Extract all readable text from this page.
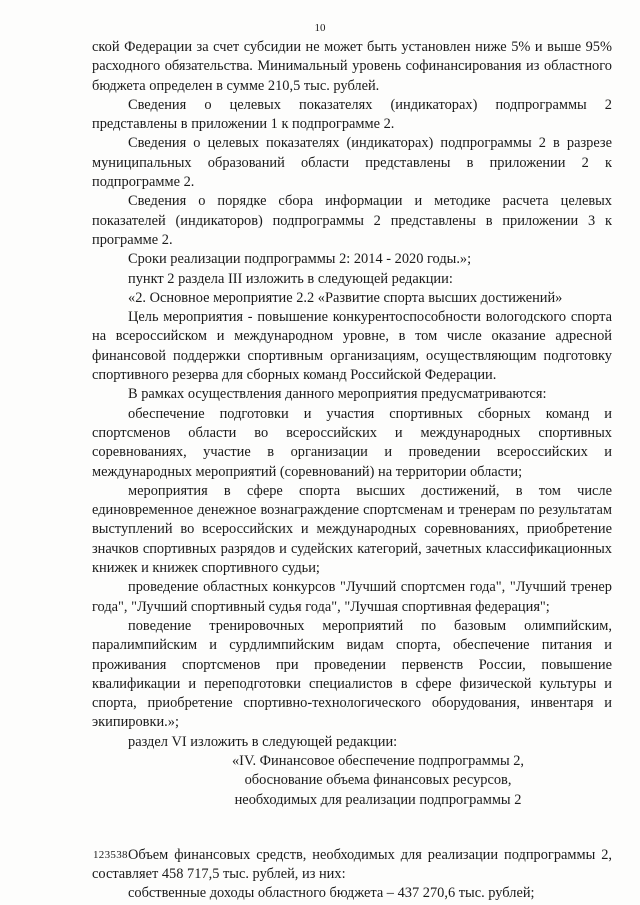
10

ской Федерации за счет субсидии не может быть установлен ниже 5% и выше 95% расходного обязательства. Минимальный уровень софинансирования из областного бюджета определен в сумме 210,5 тыс. рублей.

Сведения о целевых показателях (индикаторах) подпрограммы 2 представлены в приложении 1 к подпрограмме 2.

Сведения о целевых показателях (индикаторах) подпрограммы 2 в разрезе муниципальных образований области представлены в приложении 2 к подпрограмме 2.

Сведения о порядке сбора информации и методике расчета целевых показателей (индикаторов) подпрограммы 2 представлены в приложении 3 к программе 2.

Сроки реализации подпрограммы 2: 2014 - 2020 годы.»;

пункт 2 раздела III изложить в следующей редакции:

«2. Основное мероприятие 2.2 «Развитие спорта высших достижений»

Цель мероприятия - повышение конкурентоспособности вологодского спорта на всероссийском и международном уровне, в том числе оказание адресной финансовой поддержки спортивным организациям, осуществляющим подготовку спортивного резерва для сборных команд Российской Федерации.

В рамках осуществления данного мероприятия предусматриваются:

обеспечение подготовки и участия спортивных сборных команд и спортсменов области во всероссийских и международных спортивных соревнованиях, участие в организации и проведении всероссийских и международных мероприятий (соревнований) на территории области;

мероприятия в сфере спорта высших достижений, в том числе единовременное денежное вознаграждение спортсменам и тренерам по результатам выступлений во всероссийских и международных соревнованиях, приобретение значков спортивных разрядов и судейских категорий, зачетных классификационных книжек и книжек спортивного судьи;

проведение областных конкурсов "Лучший спортсмен года", "Лучший тренер года", "Лучший спортивный судья года", "Лучшая спортивная федерация";

поведение тренировочных мероприятий по базовым олимпийским, паралимпийским и сурдлимпийским видам спорта, обеспечение питания и проживания спортсменов при проведении первенств России, повышение квалификации и переподготовки специалистов в сфере физической культуры и спорта, приобретение спортивно-технологического оборудования, инвентаря и экипировки.»;

раздел VI изложить в следующей редакции:

«IV. Финансовое обеспечение подпрограммы 2,

обоснование объема финансовых ресурсов,

необходимых для реализации подпрограммы 2

Объем финансовых средств, необходимых для реализации подпрограммы 2, составляет 458 717,5 тыс. рублей, из них:

собственные доходы областного бюджета – 437 270,6 тыс. рублей;

123538
